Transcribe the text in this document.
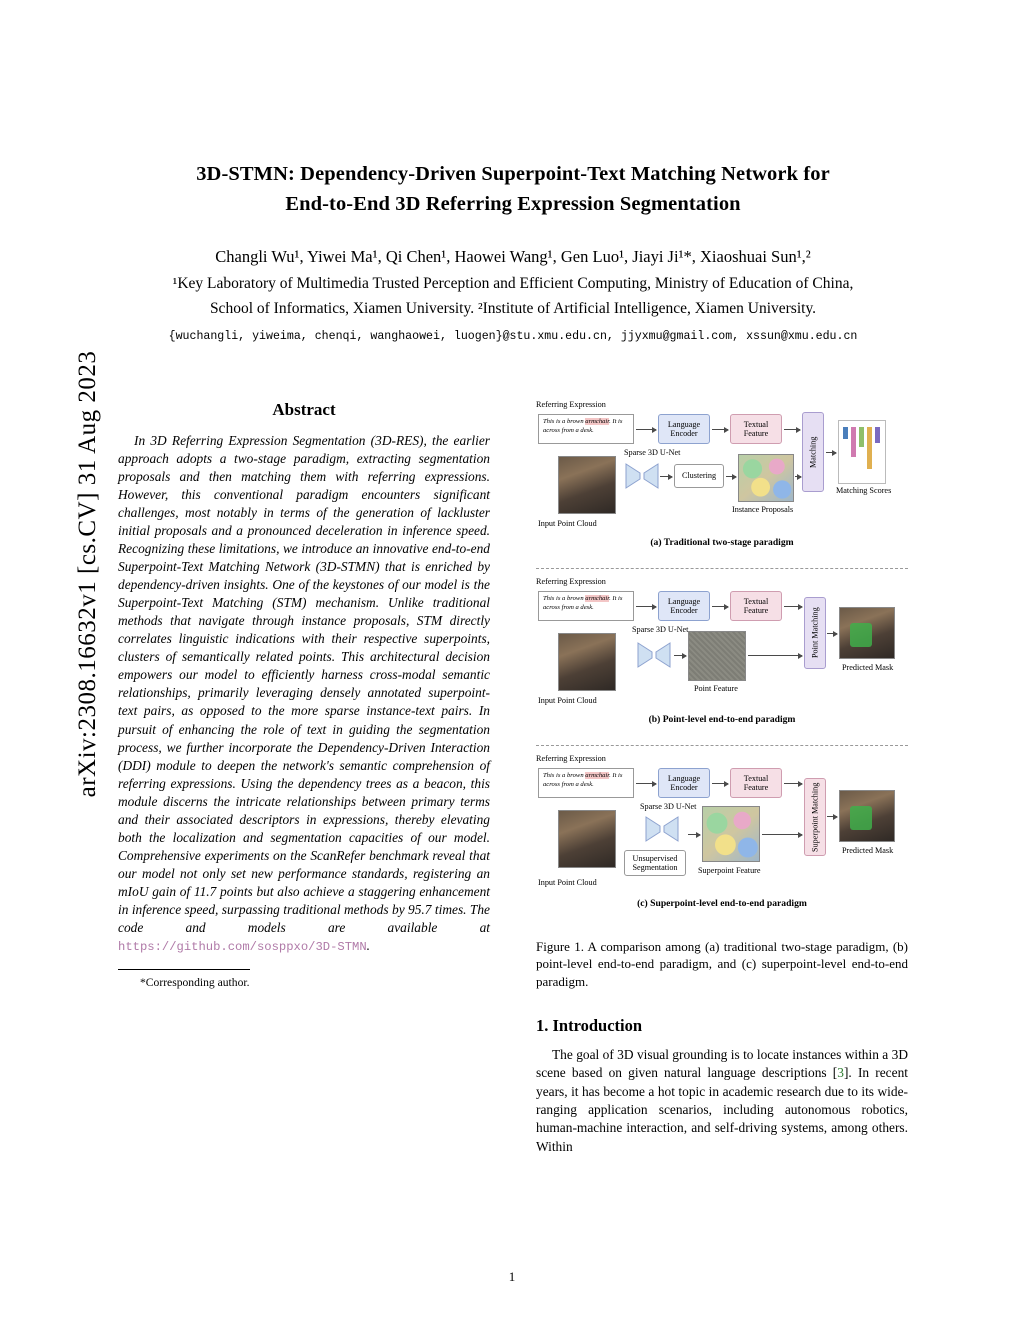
arXiv:2308.16632v1 [cs.CV] 31 Aug 2023
3D-STMN: Dependency-Driven Superpoint-Text Matching Network for
End-to-End 3D Referring Expression Segmentation
Changli Wu¹, Yiwei Ma¹, Qi Chen¹, Haowei Wang¹, Gen Luo¹, Jiayi Ji¹*, Xiaoshuai Sun¹,²
¹Key Laboratory of Multimedia Trusted Perception and Efficient Computing, Ministry of Education of China,
School of Informatics, Xiamen University. ²Institute of Artificial Intelligence, Xiamen University.
{wuchangli, yiweima, chenqi, wanghaowei, luogen}@stu.xmu.edu.cn, jjyxmu@gmail.com, xssun@xmu.edu.cn
Abstract
In 3D Referring Expression Segmentation (3D-RES), the earlier approach adopts a two-stage paradigm, extracting segmentation proposals and then matching them with referring expressions. However, this conventional paradigm encounters significant challenges, most notably in terms of the generation of lackluster initial proposals and a pronounced deceleration in inference speed. Recognizing these limitations, we introduce an innovative end-to-end Superpoint-Text Matching Network (3D-STMN) that is enriched by dependency-driven insights. One of the keystones of our model is the Superpoint-Text Matching (STM) mechanism. Unlike traditional methods that navigate through instance proposals, STM directly correlates linguistic indications with their respective superpoints, clusters of semantically related points. This architectural decision empowers our model to efficiently harness cross-modal semantic relationships, primarily leveraging densely annotated superpoint-text pairs, as opposed to the more sparse instance-text pairs. In pursuit of enhancing the role of text in guiding the segmentation process, we further incorporate the Dependency-Driven Interaction (DDI) module to deepen the network's semantic comprehension of referring expressions. Using the dependency trees as a beacon, this module discerns the intricate relationships between primary terms and their associated descriptors in expressions, thereby elevating both the localization and segmentation capacities of our model. Comprehensive experiments on the ScanRefer benchmark reveal that our model not only set new performance standards, registering an mIoU gain of 11.7 points but also achieve a staggering enhancement in inference speed, surpassing traditional methods by 95.7 times. The code and models are available at https://github.com/sosppxo/3D-STMN.
*Corresponding author.
Referring Expression
This is a brown armchair. It is across from a desk.
Input Point Cloud
Language Encoder
Textual Feature
Matching
Sparse 3D U-Net
Clustering
Instance Proposals
Matching Scores
(a) Traditional two-stage paradigm
Referring Expression
This is a brown armchair. It is across from a desk.
Input Point Cloud
Language Encoder
Textual Feature	Point Matching
Sparse 3D U-Net
Point Feature
Predicted Mask
(b) Point-level end-to-end paradigm
Referring Expression
This is a brown armchair. It is across from a desk.
Input Point Cloud
Language Encoder
Textual Feature	Superpoint Matching
Sparse 3D U-Net
Unsupervised Segmentation	Superpoint Feature
Predicted Mask
(c) Superpoint-level end-to-end paradigm
Figure 1. A comparison among (a) traditional two-stage paradigm, (b) point-level end-to-end paradigm, and (c) superpoint-level end-to-end paradigm.
1. Introduction
The goal of 3D visual grounding is to locate instances within a 3D scene based on given natural language descriptions [3]. In recent years, it has become a hot topic in academic research due to its wide-ranging application scenarios, including autonomous robotics, human-machine interaction, and self-driving systems, among others. Within
1
